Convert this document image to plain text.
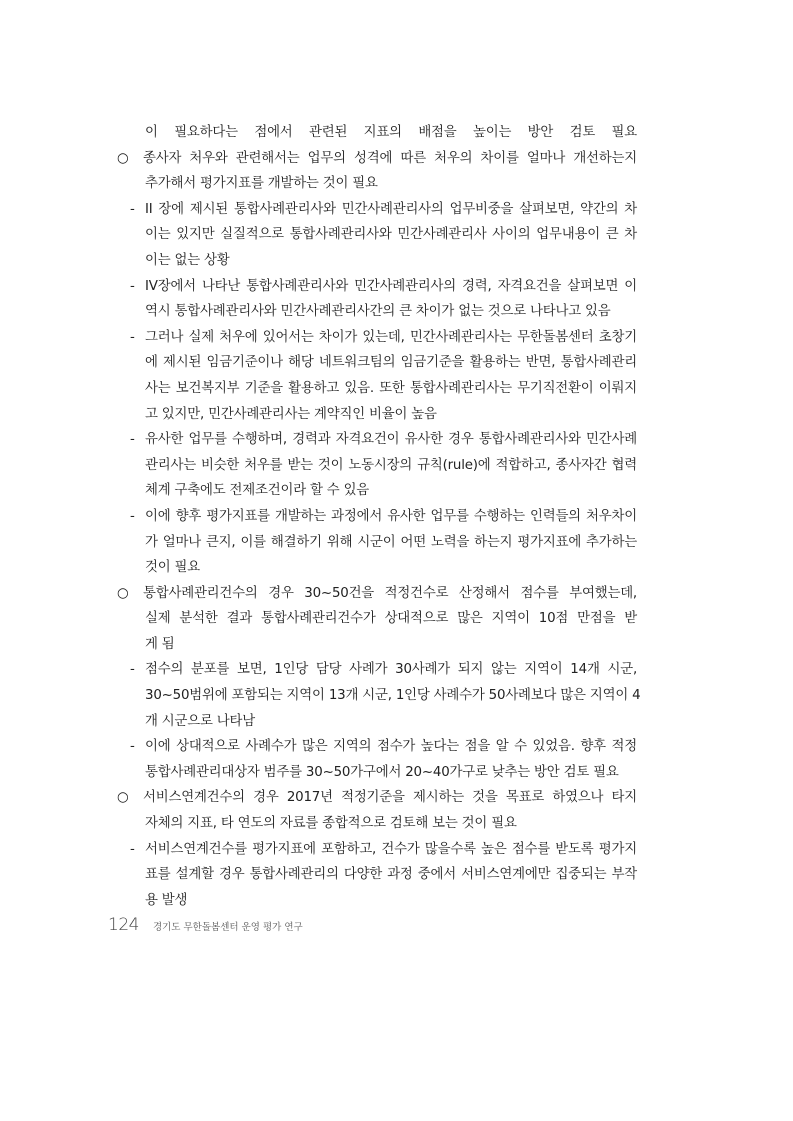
이 필요하다는 점에서 관련된 지표의 배점을 높이는 방안 검토 필요
○ 종사자 처우와 관련해서는 업무의 성격에 따른 처우의 차이를 얼마나 개선하는지
추가해서 평가지표를 개발하는 것이 필요
- II 장에 제시된 통합사례관리사와 민간사례관리사의 업무비중을 살펴보면, 약간의 차
이는 있지만 실질적으로 통합사례관리사와 민간사례관리사 사이의 업무내용이 큰 차
이는 없는 상황
- IV장에서 나타난 통합사례관리사와 민간사례관리사의 경력, 자격요건을 살펴보면 이
역시 통합사례관리사와 민간사례관리사간의 큰 차이가 없는 것으로 나타나고 있음
- 그러나 실제 처우에 있어서는 차이가 있는데, 민간사례관리사는 무한돌봄센터 초창기
에 제시된 임금기준이나 해당 네트워크팀의 임금기준을 활용하는 반면, 통합사례관리
사는 보건복지부 기준을 활용하고 있음. 또한 통합사례관리사는 무기직전환이 이뤄지
고 있지만, 민간사례관리사는 계약직인 비율이 높음
- 유사한 업무를 수행하며, 경력과 자격요건이 유사한 경우 통합사례관리사와 민간사례
관리사는 비슷한 처우를 받는 것이 노동시장의 규칙(rule)에 적합하고, 종사자간 협력
체계 구축에도 전제조건이라 할 수 있음
- 이에 향후 평가지표를 개발하는 과정에서 유사한 업무를 수행하는 인력들의 처우차이
가 얼마나 큰지, 이를 해결하기 위해 시군이 어떤 노력을 하는지 평가지표에 추가하는
것이 필요
○ 통합사례관리건수의 경우 30~50건을 적정건수로 산정해서 점수를 부여했는데,
실제 분석한 결과 통합사례관리건수가 상대적으로 많은 지역이 10점 만점을 받
게 됨
- 점수의 분포를 보면, 1인당 담당 사례가 30사례가 되지 않는 지역이 14개 시군,
30~50범위에 포함되는 지역이 13개 시군, 1인당 사례수가 50사례보다 많은 지역이 4
개 시군으로 나타남
- 이에 상대적으로 사례수가 많은 지역의 점수가 높다는 점을 알 수 있었음. 향후 적정
통합사례관리대상자 범주를 30~50가구에서 20~40가구로 낮추는 방안 검토 필요
○ 서비스연계건수의 경우 2017년 적정기준을 제시하는 것을 목표로 하였으나 타지
자체의 지표, 타 연도의 자료를 종합적으로 검토해 보는 것이 필요
- 서비스연계건수를 평가지표에 포함하고, 건수가 많을수록 높은 점수를 받도록 평가지
표를 설계할 경우 통합사례관리의 다양한 과정 중에서 서비스연계에만 집중되는 부작
용 발생
124 경기도 무한돌봄센터 운영 평가 연구
